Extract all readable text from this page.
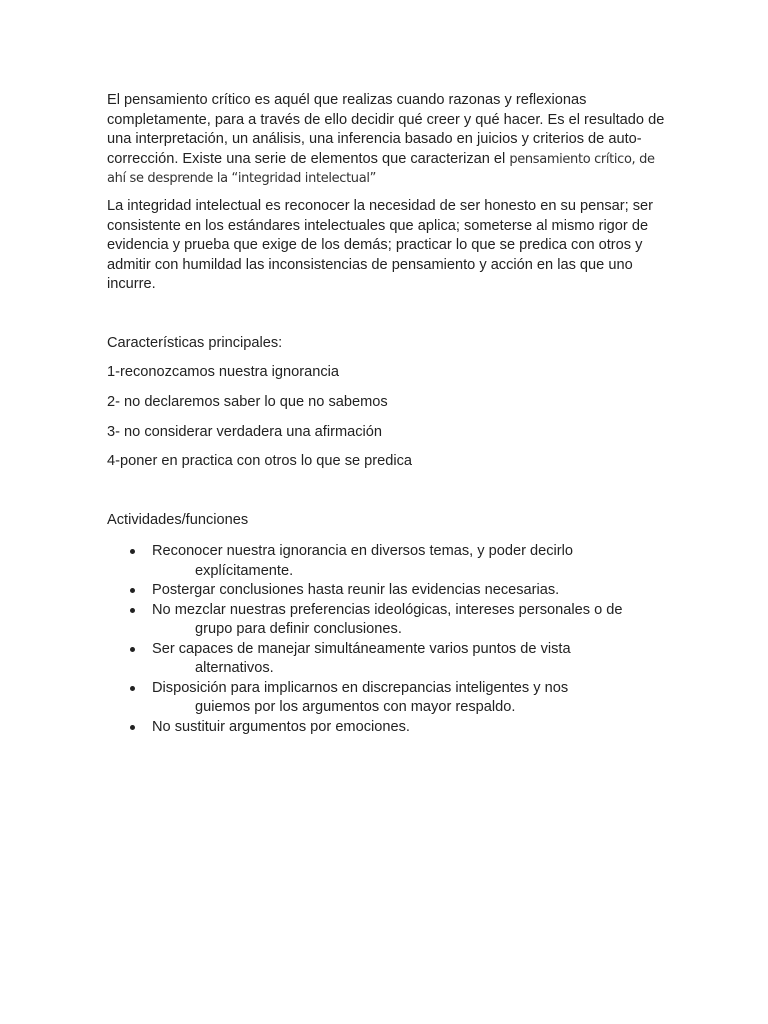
El pensamiento crítico es aquél que realizas cuando razonas y reflexionas completamente, para a través de ello decidir qué creer y qué hacer. Es el resultado de una interpretación, un análisis, una inferencia basado en juicios y criterios de auto-corrección. Existe una serie de elementos que caracterizan el pensamiento crítico, de ahí se desprende la “integridad intelectual”

La integridad intelectual es reconocer la necesidad de ser honesto en su pensar; ser consistente en los estándares intelectuales que aplica; someterse al mismo rigor de evidencia y prueba que exige de los demás; practicar lo que se predica con otros y admitir con humildad las inconsistencias de pensamiento y acción en las que uno incurre.

Características principales:

1-reconozcamos nuestra ignorancia

2- no declaremos saber lo que no sabemos

3- no considerar verdadera una afirmación

4-poner en practica con otros lo que se predica

Actividades/funciones

Reconocer nuestra ignorancia en diversos temas, y poder decirlo
explícitamente.
Postergar conclusiones hasta reunir las evidencias necesarias.
No mezclar nuestras preferencias ideológicas, intereses personales o de
grupo para definir conclusiones.
Ser capaces de manejar simultáneamente varios puntos de vista
alternativos.
Disposición para implicarnos en discrepancias inteligentes y nos
guiemos por los argumentos con mayor respaldo.
No sustituir argumentos por emociones.
